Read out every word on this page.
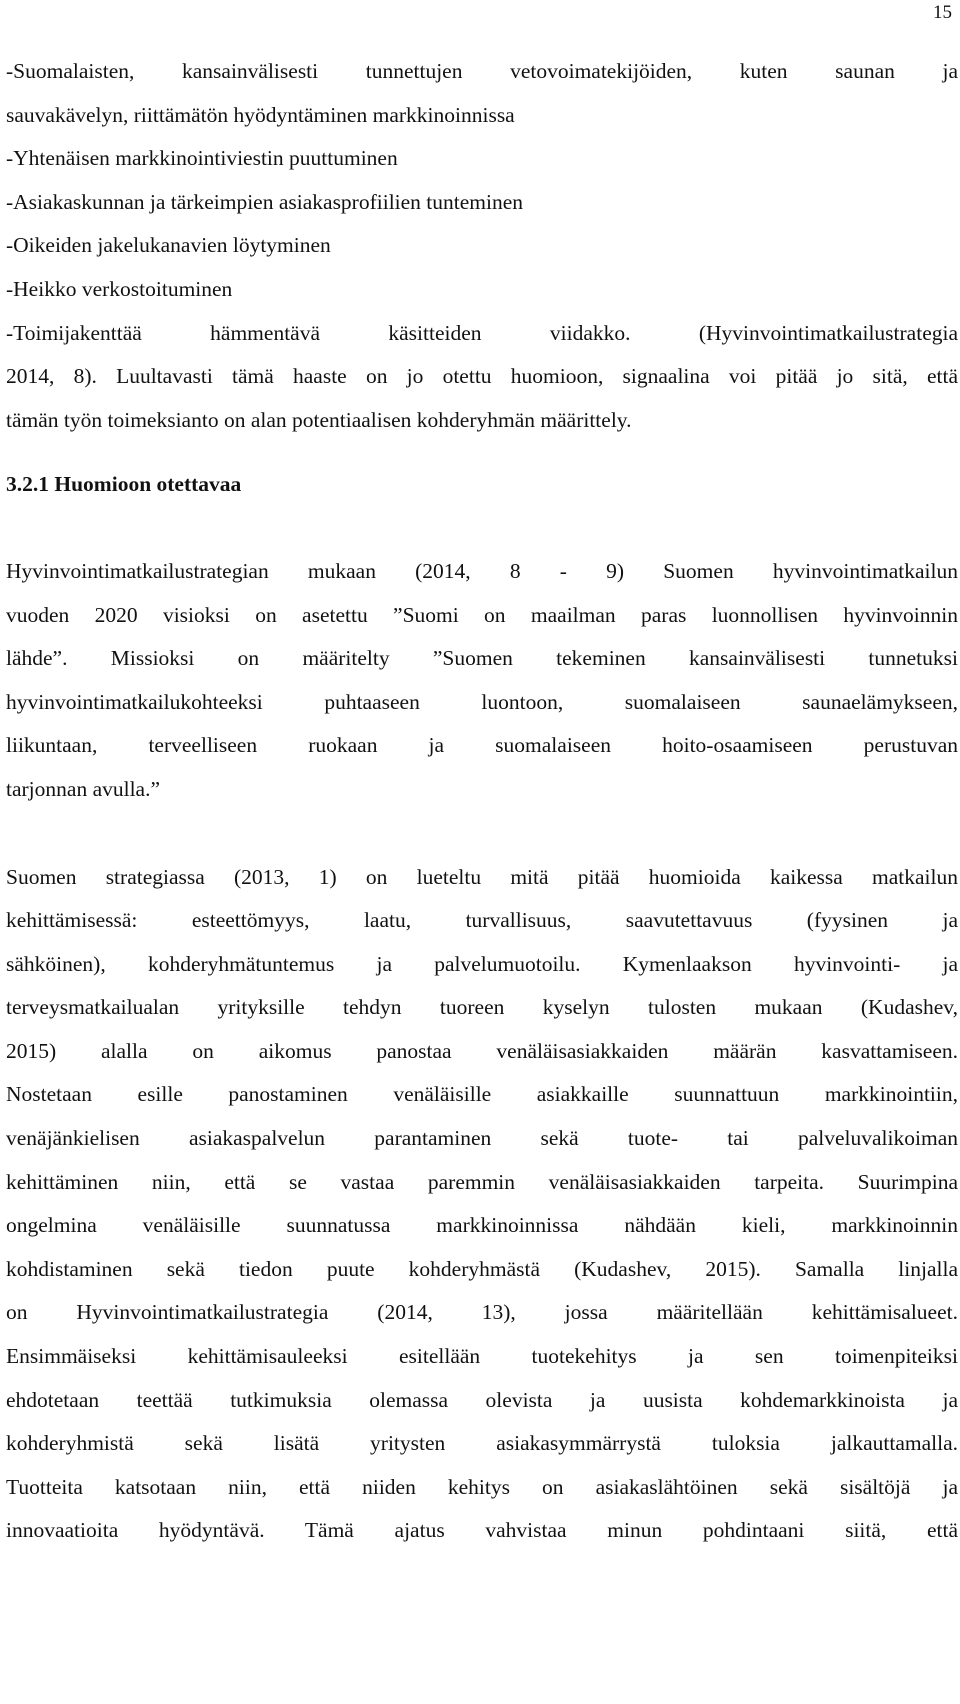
15
-Suomalaisten, kansainvälisesti tunnettujen vetovoimatekijöiden, kuten saunan ja
sauvakävelyn, riittämätön hyödyntäminen markkinoinnissa
-Yhtenäisen markkinointiviestin puuttuminen
-Asiakaskunnan ja tärkeimpien asiakasprofiilien tunteminen
-Oikeiden jakelukanavien löytyminen
-Heikko verkostoituminen
-Toimijakenttää hämmentävä käsitteiden viidakko. (Hyvinvointimatkailustrategia
2014, 8). Luultavasti tämä haaste on jo otettu huomioon, signaalina voi pitää jo sitä, että
tämän työn toimeksianto on alan potentiaalisen kohderyhmän määrittely.
3.2.1 Huomioon otettavaa
Hyvinvointimatkailustrategian mukaan (2014, 8 - 9) Suomen hyvinvointimatkailun
vuoden 2020 visioksi on asetettu ”Suomi on maailman paras luonnollisen hyvinvoinnin
lähde”. Missioksi on määritelty ”Suomen tekeminen kansainvälisesti tunnetuksi
hyvinvointimatkailukohteeksi puhtaaseen luontoon, suomalaiseen saunaelämykseen,
liikuntaan, terveelliseen ruokaan ja suomalaiseen hoito-osaamiseen perustuvan
tarjonnan avulla.”
Suomen strategiassa (2013, 1) on lueteltu mitä pitää huomioida kaikessa matkailun
kehittämisessä: esteettömyys, laatu, turvallisuus, saavutettavuus (fyysinen ja
sähköinen), kohderyhmätuntemus ja palvelumuotoilu. Kymenlaakson hyvinvointi- ja
terveysmatkailualan yrityksille tehdyn tuoreen kyselyn tulosten mukaan (Kudashev,
2015) alalla on aikomus panostaa venäläisasiakkaiden määrän kasvattamiseen.
Nostetaan esille panostaminen venäläisille asiakkaille suunnattuun markkinointiin,
venäjänkielisen asiakaspalvelun parantaminen sekä tuote- tai palveluvalikoiman
kehittäminen niin, että se vastaa paremmin venäläisasiakkaiden tarpeita. Suurimpina
ongelmina venäläisille suunnatussa markkinoinnissa nähdään kieli, markkinoinnin
kohdistaminen sekä tiedon puute kohderyhmästä (Kudashev, 2015). Samalla linjalla
on Hyvinvointimatkailustrategia (2014, 13), jossa määritellään kehittämisalueet.
Ensimmäiseksi kehittämisauleeksi esitellään tuotekehitys ja sen toimenpiteiksi
ehdotetaan teettää tutkimuksia olemassa olevista ja uusista kohdemarkkinoista ja
kohderyhmistä sekä lisätä yritysten asiakasymmärrystä tuloksia jalkauttamalla.
Tuotteita katsotaan niin, että niiden kehitys on asiakaslähtöinen sekä sisältöjä ja
innovaatioita hyödyntävä. Tämä ajatus vahvistaa minun pohdintaani siitä, että
